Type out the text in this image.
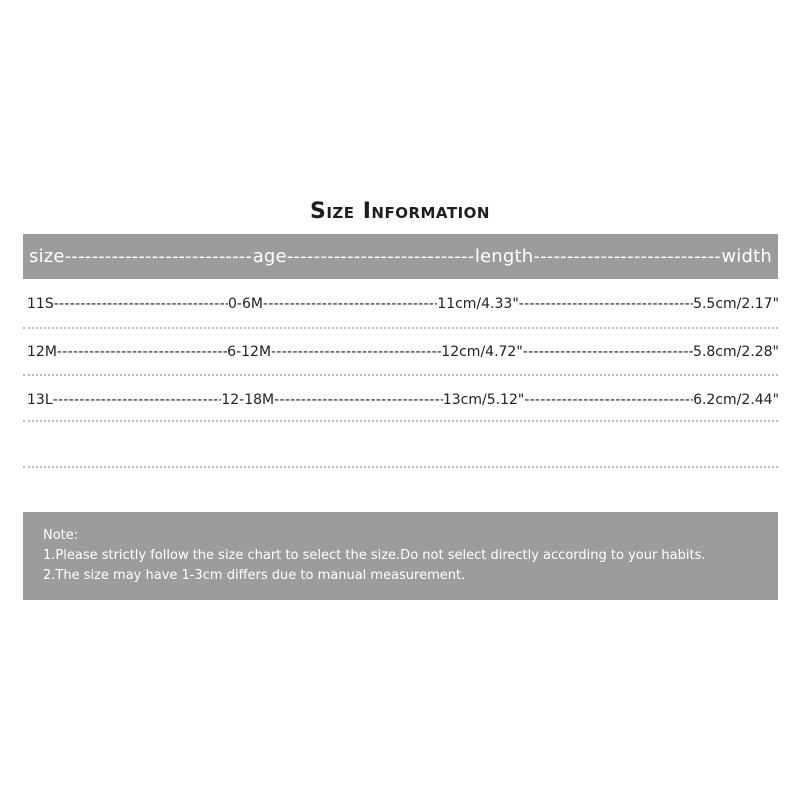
Size Information
size -----	age -----	length -----	width
11S -----	0-6M -----	11cm/4.33" -----	5.5cm/2.17"
12M -----	6-12M -----	12cm/4.72" -----	5.8cm/2.28"
13L -----	12-18M -----	13cm/5.12" -----	6.2cm/2.44"
Note:
1.Please strictly follow the size chart to select the size.Do not select directly according to your habits.
2.The size may have 1-3cm differs due to manual measurement.
